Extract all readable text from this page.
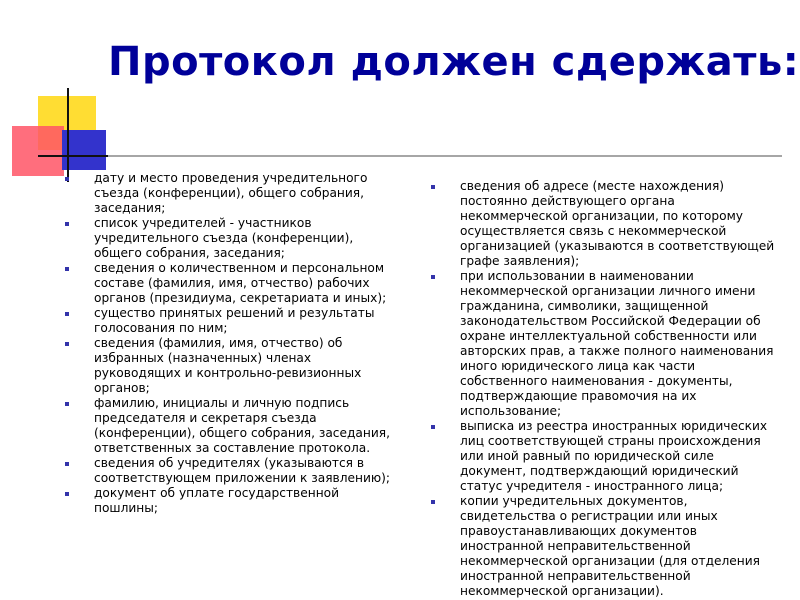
Протокол должен сдержать:
дату и место проведения учредительного съезда (конференции), общего собрания, заседания;
список учредителей - участников учредительного съезда (конференции), общего собрания, заседания;
сведения о количественном и персональном составе (фамилия, имя, отчество) рабочих органов (президиума, секретариата и иных);
существо принятых решений и результаты голосования по ним;
сведения (фамилия, имя, отчество) об избранных (назначенных) членах руководящих и контрольно-ревизионных органов;
фамилию, инициалы и личную подпись председателя и секретаря съезда (конференции), общего собрания, заседания, ответственных за составление протокола.
сведения об учредителях (указываются в соответствующем приложении к заявлению);
документ об уплате государственной пошлины;
сведения об адресе (месте нахождения) постоянно действующего органа некоммерческой организации, по которому осуществляется связь с некоммерческой организацией (указываются в соответствующей графе заявления);
при использовании в наименовании некоммерческой организации личного имени гражданина, символики, защищенной законодательством Российской Федерации об охране интеллектуальной собственности или авторских прав, а также полного наименования иного юридического лица как части собственного наименования - документы, подтверждающие правомочия на их использование;
выписка из реестра иностранных юридических лиц соответствующей страны происхождения или иной равный по юридической силе документ, подтверждающий юридический статус учредителя - иностранного лица;
копии учредительных документов, свидетельства о регистрации или иных правоустанавливающих документов иностранной неправительственной некоммерческой организации (для отделения иностранной неправительственной некоммерческой организации).
